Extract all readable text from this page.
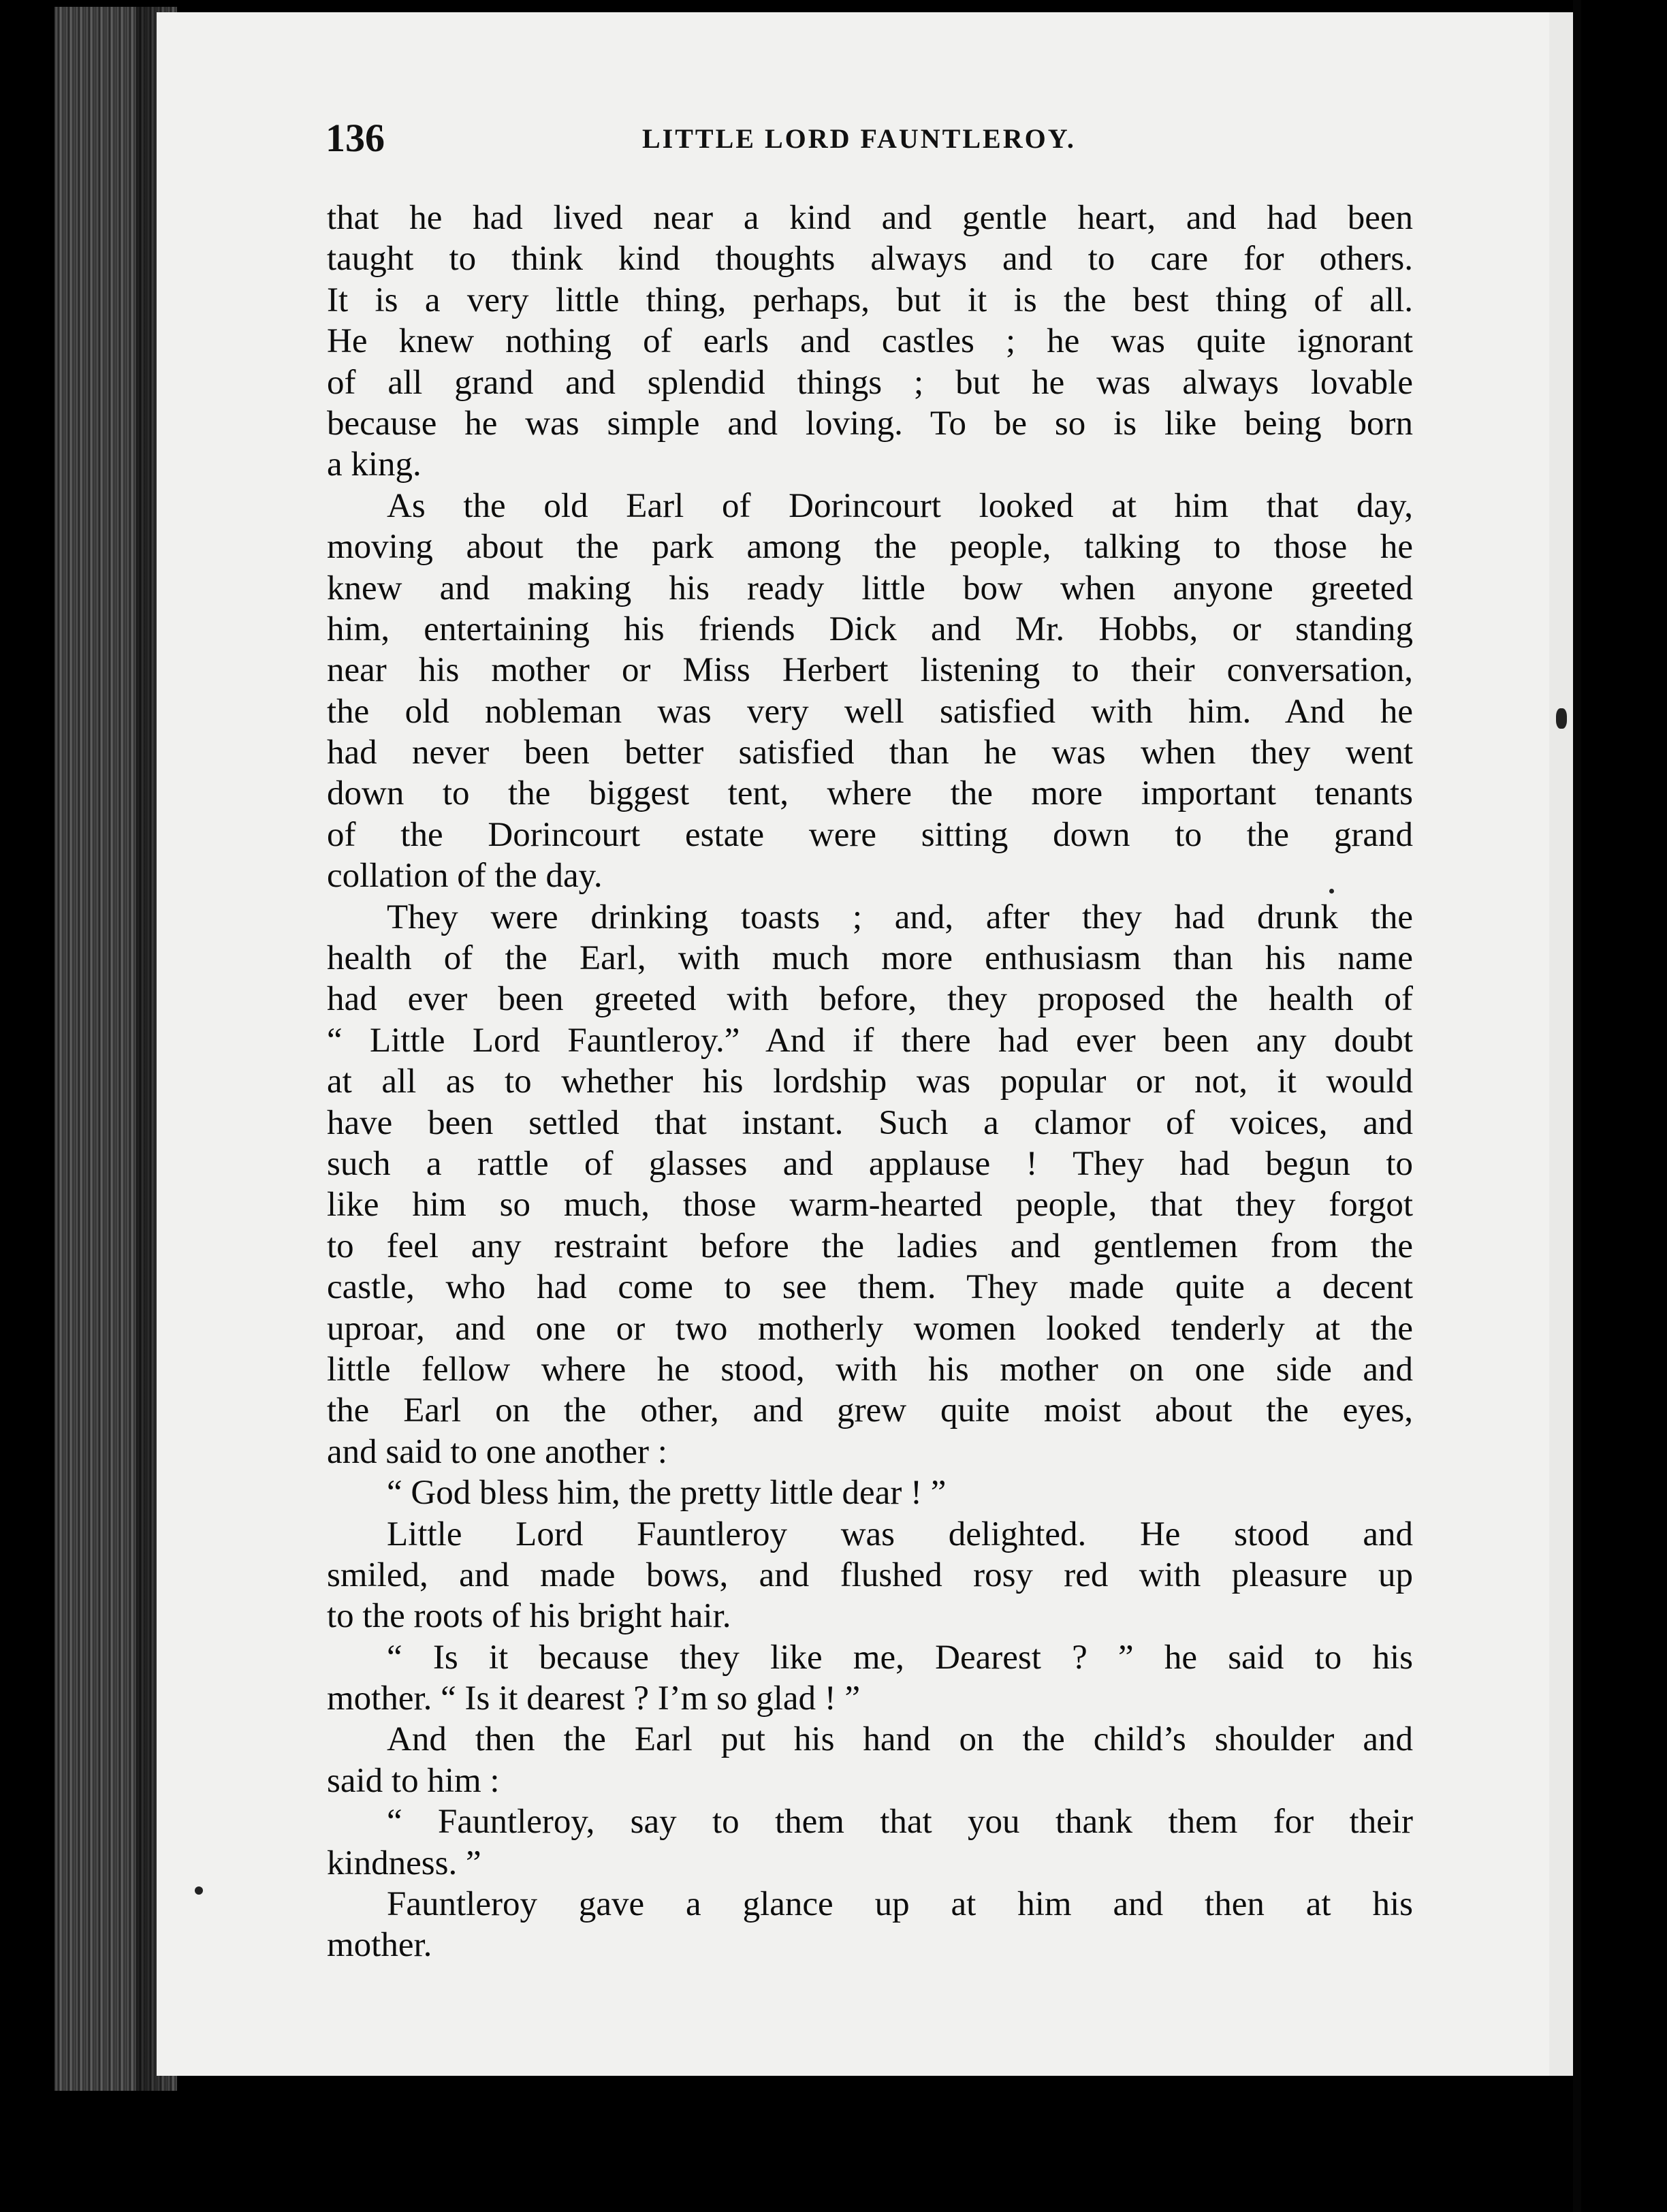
136	LITTLE LORD FAUNTLEROY.
that he had lived near a kind and gentle heart, and had been
taught to think kind thoughts always and to care for others.
It is a very little thing, perhaps, but it is the best thing of all.
He knew nothing of earls and castles ; he was quite ignorant
of all grand and splendid things ; but he was always lovable
because he was simple and loving. To be so is like being born
a king.
As the old Earl of Dorincourt looked at him that day,
moving about the park among the people, talking to those he
knew and making his ready little bow when anyone greeted
him, entertaining his friends Dick and Mr. Hobbs, or standing
near his mother or Miss Herbert listening to their conversation,
the old nobleman was very well satisfied with him. And he
had never been better satisfied than he was when they went
down to the biggest tent, where the more important tenants
of the Dorincourt estate were sitting down to the grand
collation of the day.
They were drinking toasts ; and, after they had drunk the
health of the Earl, with much more enthusiasm than his name
had ever been greeted with before, they proposed the health of
“ Little Lord Fauntleroy.” And if there had ever been any doubt
at all as to whether his lordship was popular or not, it would
have been settled that instant. Such a clamor of voices, and
such a rattle of glasses and applause ! They had begun to
like him so much, those warm-hearted people, that they forgot
to feel any restraint before the ladies and gentlemen from the
castle, who had come to see them. They made quite a decent
uproar, and one or two motherly women looked tenderly at the
little fellow where he stood, with his mother on one side and
the Earl on the other, and grew quite moist about the eyes,
and said to one another :
“ God bless him, the pretty little dear ! ”
Little Lord Fauntleroy was delighted. He stood and
smiled, and made bows, and flushed rosy red with pleasure up
to the roots of his bright hair.
“ Is it because they like me, Dearest ? ” he said to his
mother. “ Is it dearest ? I’m so glad ! ”
And then the Earl put his hand on the child’s shoulder and
said to him :
“ Fauntleroy, say to them that you thank them for their
kindness. ”
Fauntleroy gave a glance up at him and then at his
mother.
